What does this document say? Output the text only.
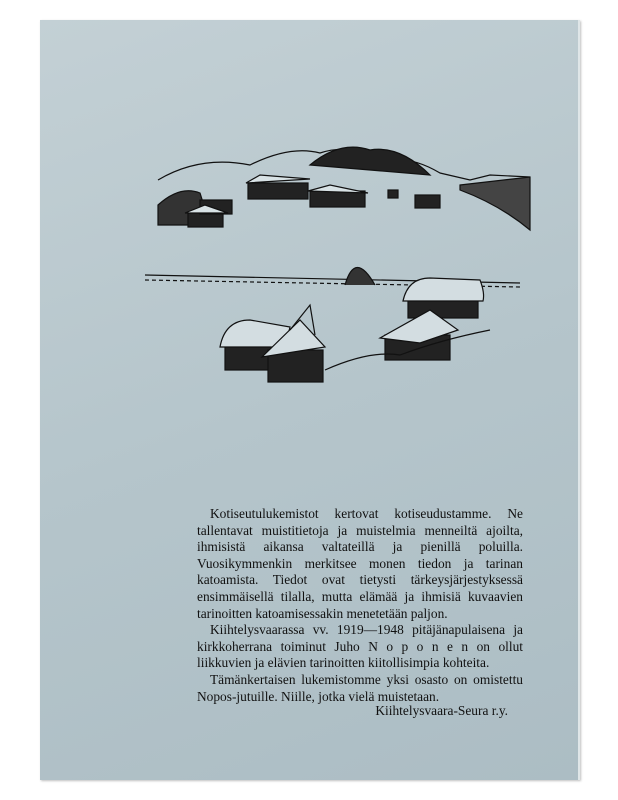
Kotiseutulukemistot kertovat kotiseudustamme. Ne tallentavat muistitietoja ja muistelmia menneiltä ajoilta, ihmisistä aikansa valtateillä ja pienillä poluilla. Vuosikymmenkin merkitsee monen tiedon ja tarinan katoamista. Tiedot ovat tietysti tärkeysjärjestyksessä ensimmäisellä tilalla, mutta elämää ja ihmisiä kuvaavien tarinoitten katoamisessakin menetetään paljon.

Kiihtelysvaarassa vv. 1919—1948 pitäjänapulaisena ja kirkkoherrana toiminut Juho N o p o n e n on ollut liikkuvien ja elävien tarinoitten kiitollisimpia kohteita.

Tämänkertaisen lukemistomme yksi osasto on omistettu Nopos-jutuille. Niille, jotka vielä muistetaan.

Kiihtelysvaara-Seura r.y.
